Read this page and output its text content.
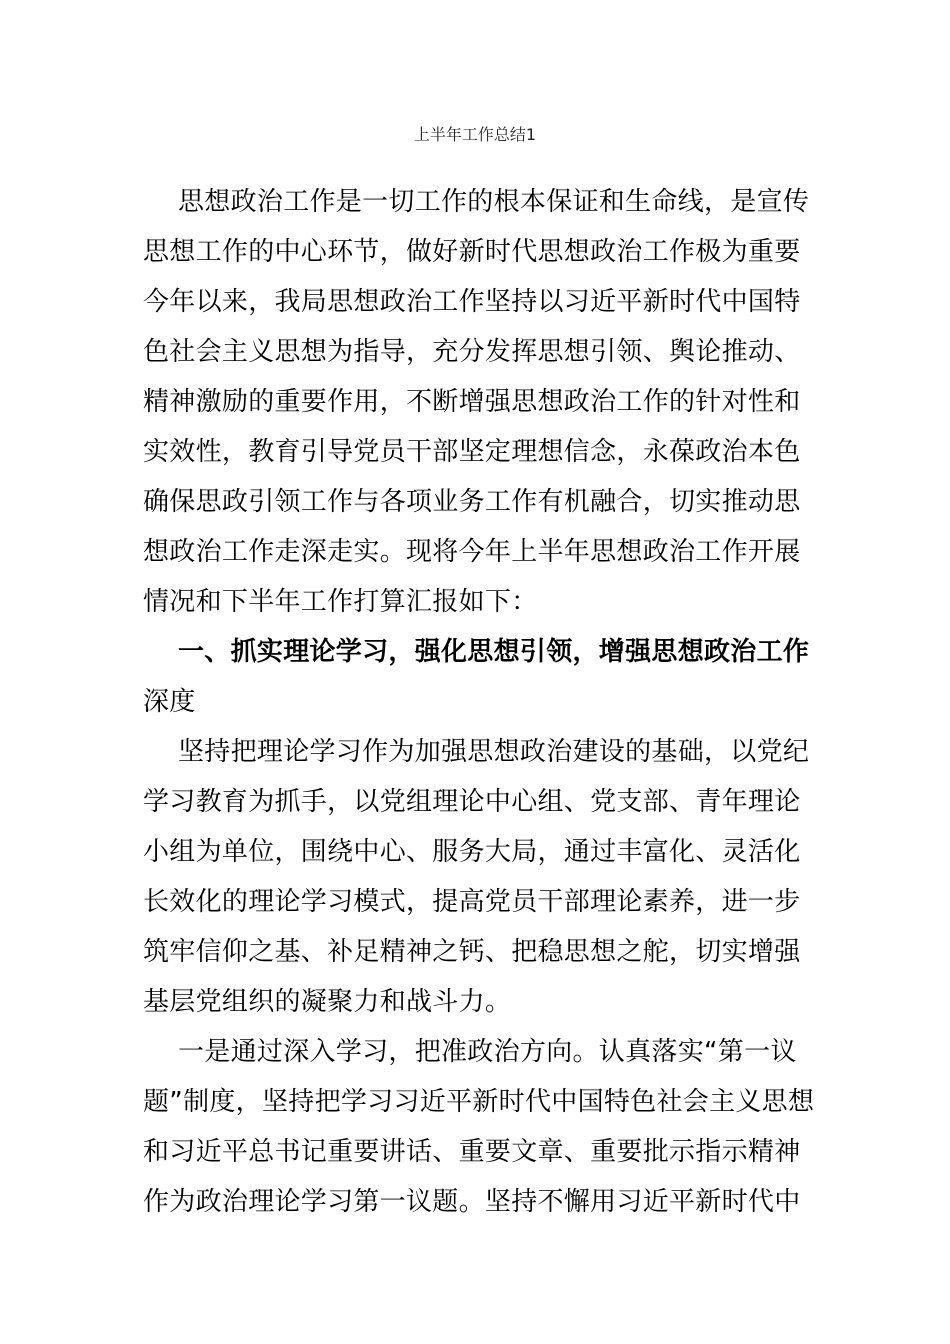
上半年工作总结1
思想政治工作是一切工作的根本保证和生命线，是宣传
思想工作的中心环节，做好新时代思想政治工作极为重要
今年以来，我局思想政治工作坚持以习近平新时代中国特
色社会主义思想为指导，充分发挥思想引领、舆论推动、
精神激励的重要作用，不断增强思想政治工作的针对性和
实效性，教育引导党员干部坚定理想信念，永葆政治本色
确保思政引领工作与各项业务工作有机融合，切实推动思
想政治工作走深走实。现将今年上半年思想政治工作开展
情况和下半年工作打算汇报如下：
一、抓实理论学习，强化思想引领，增强思想政治工作
深度
坚持把理论学习作为加强思想政治建设的基础，以党纪
学习教育为抓手，以党组理论中心组、党支部、青年理论
小组为单位，围绕中心、服务大局，通过丰富化、灵活化
长效化的理论学习模式，提高党员干部理论素养，进一步
筑牢信仰之基、补足精神之钙、把稳思想之舵，切实增强
基层党组织的凝聚力和战斗力。
一是通过深入学习，把准政治方向。认真落实“第一议
题”制度，坚持把学习习近平新时代中国特色社会主义思想
和习近平总书记重要讲话、重要文章、重要批示指示精神
作为政治理论学习第一议题。坚持不懈用习近平新时代中
